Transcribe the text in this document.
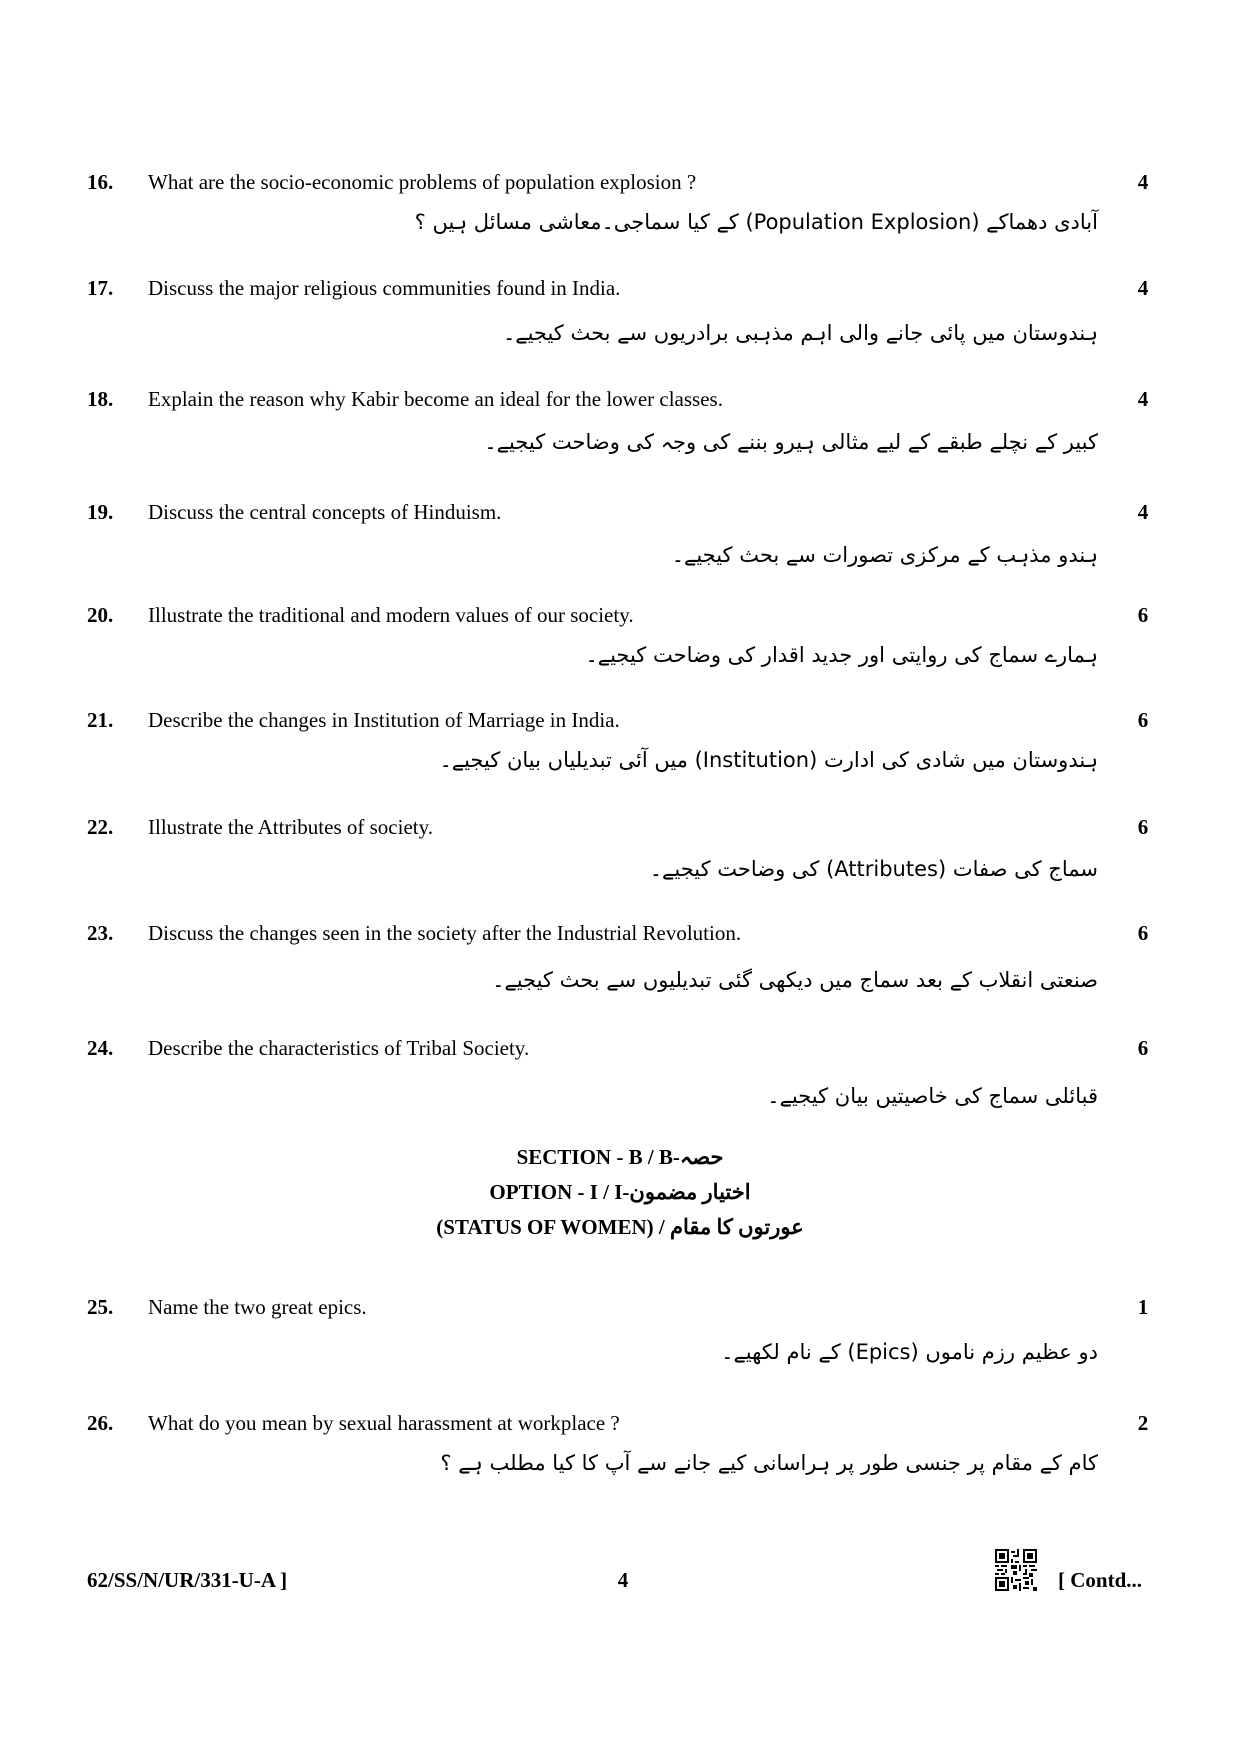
16. What are the socio-economic problems of population explosion ?	4
آبادی دھماکے (Population Explosion) کے کیا سماجی۔معاشی مسائل ہیں ؟
17. Discuss the major religious communities found in India.	4
ہندوستان میں پائی جانے والی اہم مذہبی برادریوں سے بحث کیجیے۔
18. Explain the reason why Kabir become an ideal for the lower classes.	4
کبیر کے نچلے طبقے کے لیے مثالی ہیرو بننے کی وجہ کی وضاحت کیجیے۔
19. Discuss the central concepts of Hinduism.	4
ہندو مذہب کے مرکزی تصورات سے بحث کیجیے۔
20. Illustrate the traditional and modern values of our society.	6
ہمارے سماج کی روایتی اور جدید اقدار کی وضاحت کیجیے۔
21. Describe the changes in Institution of Marriage in India.	6
ہندوستان میں شادی کی ادارت (Institution) میں آئی تبدیلیاں بیان کیجیے۔
22. Illustrate the Attributes of society.	6
سماج کی صفات (Attributes) کی وضاحت کیجیے۔
23. Discuss the changes seen in the society after the Industrial Revolution.	6
صنعتی انقلاب کے بعد سماج میں دیکھی گئی تبدیلیوں سے بحث کیجیے۔
24. Describe the characteristics of Tribal Society.	6
قبائلی سماج کی خاصیتیں بیان کیجیے۔
SECTION - B / B-حصہ
OPTION - I / I-اختیار مضمون
(STATUS OF WOMEN) / عورتوں کا مقام
25. Name the two great epics.	1
دو عظیم رزم ناموں (Epics) کے نام لکھیے۔
26. What do you mean by sexual harassment at workplace ?	2
کام کے مقام پر جنسی طور پر ہراسانی کیے جانے سے آپ کا کیا مطلب ہے ؟
62/SS/N/UR/331-U-A ]	4	[ Contd...
